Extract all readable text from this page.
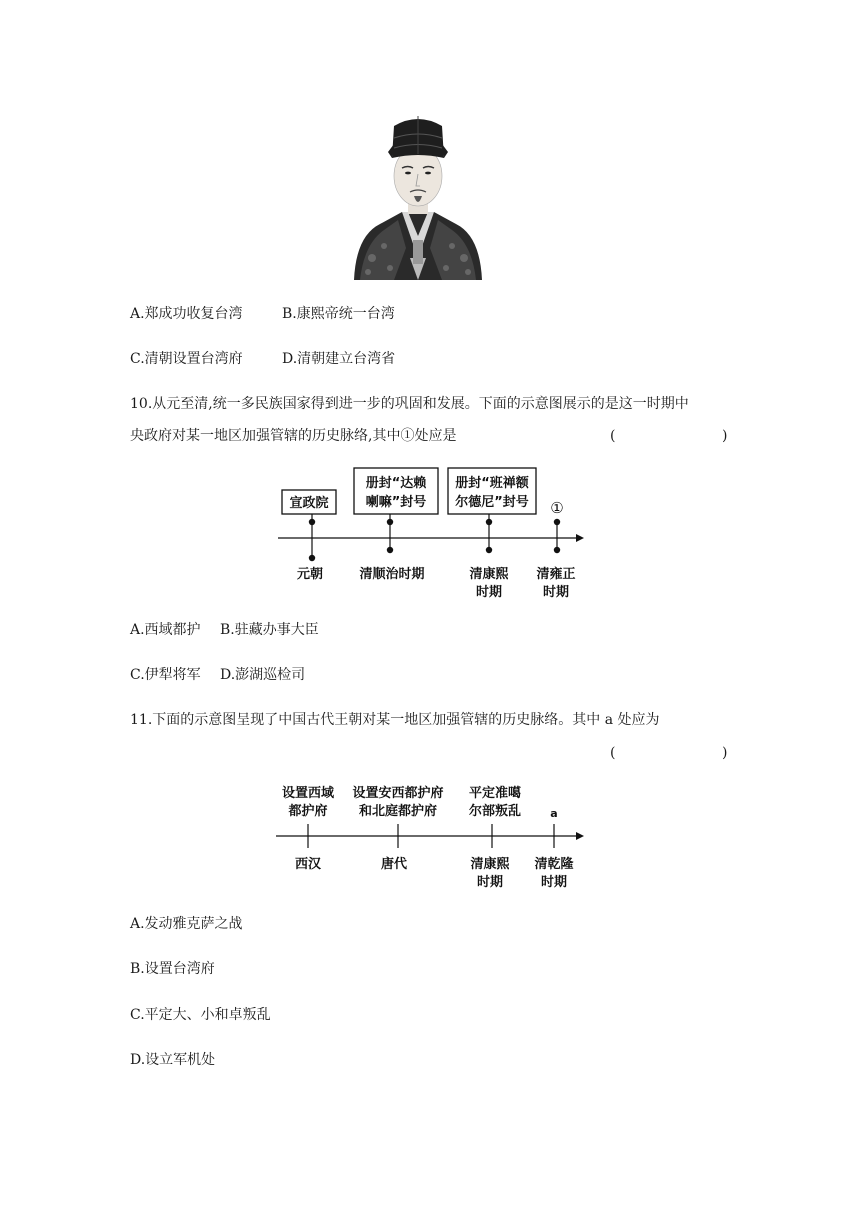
A.郑成功收复台湾	B.康熙帝统一台湾
C.清朝设置台湾府	D.清朝建立台湾省
10.从元至清,统一多民族国家得到进一步的巩固和发展。下面的示意图展示的是这一时期中
央政府对某一地区加强管辖的历史脉络,其中①处应是	(	)
宣政院
册封“达赖
喇嘛”封号
册封“班禅额
尔德尼”封号 ①
元朝	清顺治时期	清康熙
时期
清雍正
时期
A.西域都护 B.驻藏办事大臣
C.伊犁将军 D.澎湖巡检司
11.下面的示意图呈现了中国古代王朝对某一地区加强管辖的历史脉络。其中 a 处应为
(	)
设置西域
都护府
设置安西都护府
和北庭都护府
平定准噶
尔部叛乱	a
西汉	唐代	清康熙
时期
清乾隆
时期
A.发动雅克萨之战
B.设置台湾府
C.平定大、小和卓叛乱
D.设立军机处
